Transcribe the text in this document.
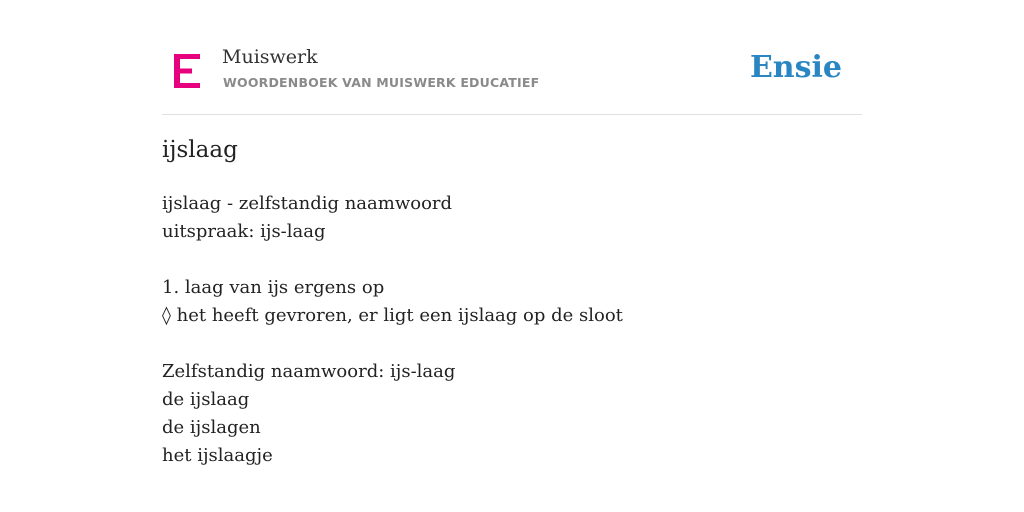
Muiswerk
WOORDENBOEK VAN MUISWERK EDUCATIEF	Ensie
ijslaag
ijslaag - zelfstandig naamwoord
uitspraak: ijs-laag
1. laag van ijs ergens op
◊ het heeft gevroren, er ligt een ijslaag op de sloot
Zelfstandig naamwoord: ijs-laag
de ijslaag
de ijslagen
het ijslaagje
